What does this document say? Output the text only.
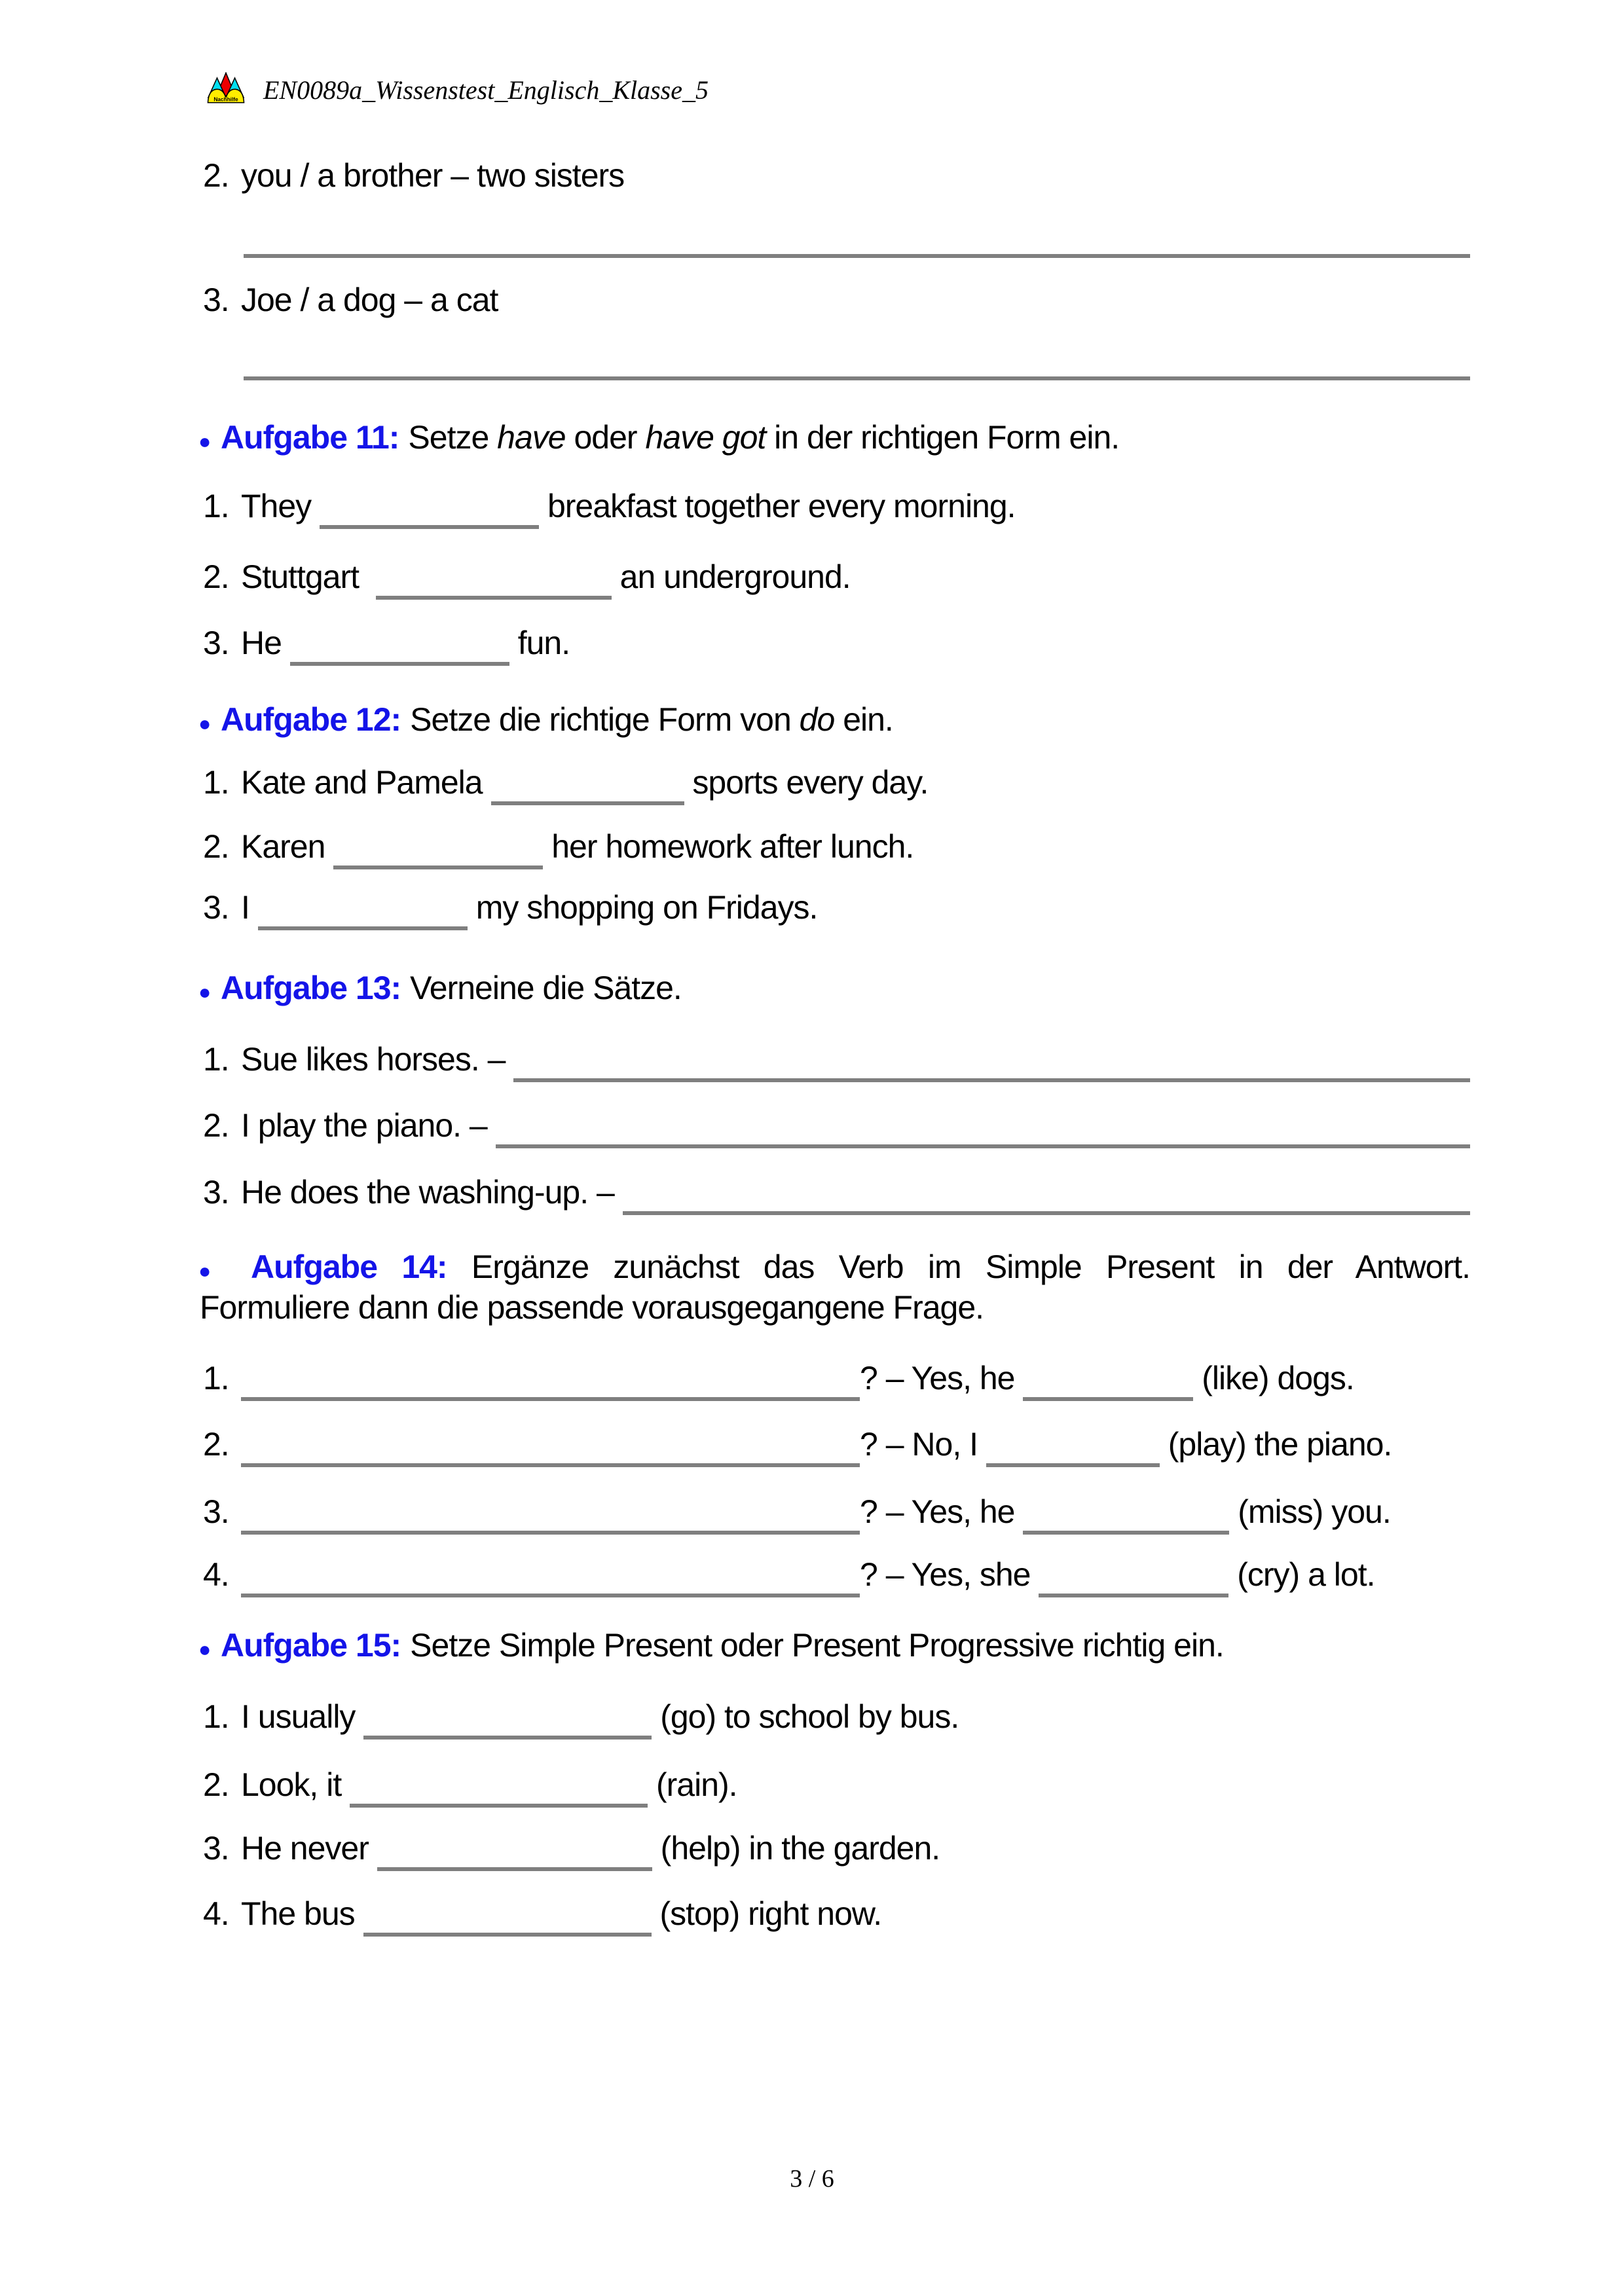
Nachhilfe EN0089a_Wissenstest_Englisch_Klasse_5
2. you / a brother – two sisters
3. Joe / a dog – a cat
● Aufgabe 11: Setze have oder have got in der richtigen Form ein.
1. They	breakfast together every morning.
2. Stuttgart	an underground.
3. He	fun.
● Aufgabe 12: Setze die richtige Form von do ein.
1. Kate and Pamela	sports every day.
2. Karen	her homework after lunch.
3. I	my shopping on Fridays.
● Aufgabe 13: Verneine die Sätze.
1. Sue likes horses. –
2. I play the piano. –
3. He does the washing-up. –
● Aufgabe 14: Ergänze zunächst das Verb im Simple Present in der Antwort.
Formuliere dann die passende vorausgegangene Frage.
1.	? – Yes, he	(like) dogs.
2.	? – No, I	(play) the piano.
3.	? – Yes, he	(miss) you.
4.	? – Yes, she	(cry) a lot.
● Aufgabe 15: Setze Simple Present oder Present Progressive richtig ein.
1. I usually	(go) to school by bus.
2. Look, it	(rain).
3. He never	(help) in the garden.
4. The bus	(stop) right now.
3 / 6
